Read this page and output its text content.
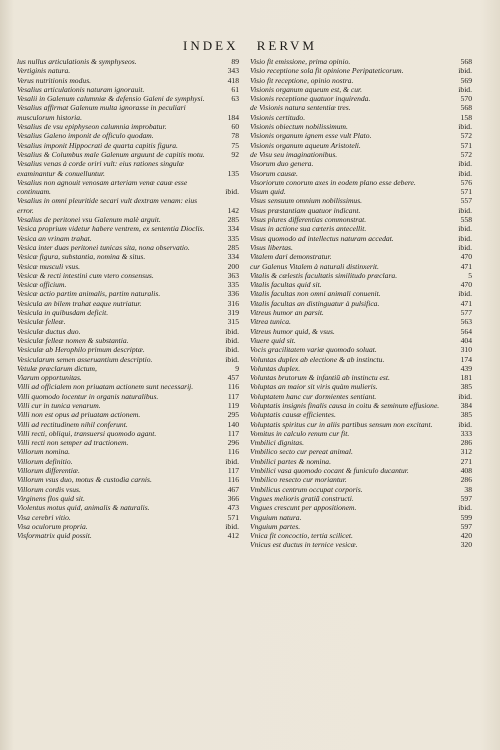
INDEX RERVM

lus nullus articulationis & symphyseos.	89

Vertiginis natura.	343

Verus nutritionis modus.	418

Vesalius articulationis naturam ignorauit.	61

Vesalii in Galenum calumniæ & defensio Galeni de symphysi.	63

Vesalius affirmat Galenum multa ignorasse in peculiari musculorum historia.	184

Vesalius de vsu epiphyseon calumnia improbatur.	60

Vesalius Galeno imponit de officulo quodam.	78

Vesalius imponit Hippocrati de quarta capitis figura.	75

Vesalius & Columbus male Galenum arguunt de capitis motu.	92

Vesalius venas à corde oriri vult: eius rationes singulæ examinantur & conuelluntur.	135

Vesalius non agnouit venosam arteriam venæ cauæ esse continuam.	ibid.

Vesalius in omni pleuritide secari vult dextram venam: eius error.	142

Vesalius de peritonei vsu Galenum malè arguit.	285

Vesica proprium videtur habere ventrem, ex sententia Dioclis.	334

Vesica an vrinam trahat.	335

Vesica inter duas peritonei tunicas sita, nona observatio.	285

Vesicæ figura, substantia, nomina & situs.	334

Vesicæ musculi vsus.	200

Vesicæ & recti intestini cum vtero consensus.	363

Vesicæ officium.	335

Vesicæ actio partim animalis, partim naturalis.	336

Vesicula an bilem trahat eaque nutriatur.	316

Vesicula in quibusdam deficit.	319

Vesiculæ felleæ.	315

Vesiculæ ductus duo.	ibid.

Vesiculæ felleæ nomen & substantia.	ibid.

Vesiculæ ab Herophilo primum descriptæ.	ibid.

Vesicularum semen asseruantium descriptio.	ibid.

Vetulæ præclarum dictum,	9

Viarum opportunitas.	457

Villi ad officialem non priuatam actionem sunt necessarij.	116

Villi quomodo locentur in organis naturalibus.	117

Villi cur in tunica venarum.	119

Villi non est opus ad priuatam actionem.	295

Villi ad rectitudinem nihil conferunt.	140

Villi recti, obliqui, transuersi quomodo agant.	117

Villi recti non semper ad tractionem.	296

Villorum nomina.	116

Villorum definitio.	ibid.

Villorum differentiæ.	117

Villorum vsus duo, motus & custodia carnis.	116

Villorum cordis vsus.	467

Virginens flos quid sit.	366

Violentus motus quid, animalis & naturalis.	473

Visa cerebri vitio.	571

Visa oculorum propria.	ibid.

Visformatrix quid possit.	412

Visio fit emissione, prima opinio.	568

Visio receptione sola fit opinione Peripateticorum.	ibid.

Visio fit receptione, opinio nostra.	569

Visionis organum aqueum est, & cur.	ibid.

Visionis receptione quatuor inquirenda.	570

de Visionis natura sententiæ tres.	568

Visionis certitudo.	158

Visionis obiectum nobilissimum.	ibid.

Visionis organum ignem esse vult Plato.	572

Visionis organum aqueum Aristoteli.	571

de Visu seu imaginationibus.	572

Visorum duo genera.	ibid.

Visorum causæ.	ibid.

Visoriorum conorum axes in eodem plano esse debere.	576

Visum quid.	571

Visus sensuum omnium nobilissimus.	557

Visus præstantiam quatuor indicant.	ibid.

Visus plures differentias commonstrat.	558

Visus in actione sua cæteris antecellit.	ibid.

Visus quomodo ad intellectus naturam accedat.	ibid.

Visus libertas.	ibid.

Vitalem dari demonstratur.	470

cur Galenus Vitalem à naturali distinxerit.	471

Vitalis & cælestis facultatis similitudo præclara.	5

Vitalis facultas quid sit.	470

Vitalis facultas non omni animali conuenit.	ibid.

Vitalis facultas an distinguatur à pulsifica.	471

Vitreus humor an parsit.	577

Vitrea tunica.	563

Vitreus humor quid, & vsus.	564

Viuere quid sit.	404

Vocis gracilitatem variæ quomodo soluat.	310

Voluntas duplex ab electione & ab instinctu.	174

Voluntas duplex.	439

Voluntas brutorum & infantiū ab instinctu est.	181

Voluptas an maior sit viris quàm mulieris.	385

Voluptatem hanc cur dormientes sentiant.	ibid.

Voluptatis insignis finalis causa in coitu & seminum effusione.	384

Voluptatis causæ efficientes.	385

Voluptatis spiritus cur in aliis partibus sensum non excitant.	ibid.

Vomitus in calculo renum cur fit.	333

Vmbilici dignitas.	286

Vmbilico secto cur pereat animal.	312

Vmbilici partes & nomina.	271

Vmbilici vasa quomodo cocant & funiculo ducantur.	408

Vmbilico resecto cur moriantur.	286

Vmbilicus centrum occupat corporis.	38

Vngues melioris gratiā constructi.	597

Vngues crescunt per appositionem.	ibid.

Vnguium natura.	599

Vnguium partes.	597

Vnica fit concoctio, tertia scilicet.	420

Vnicus est ductus in ternice vesicæ.	320
